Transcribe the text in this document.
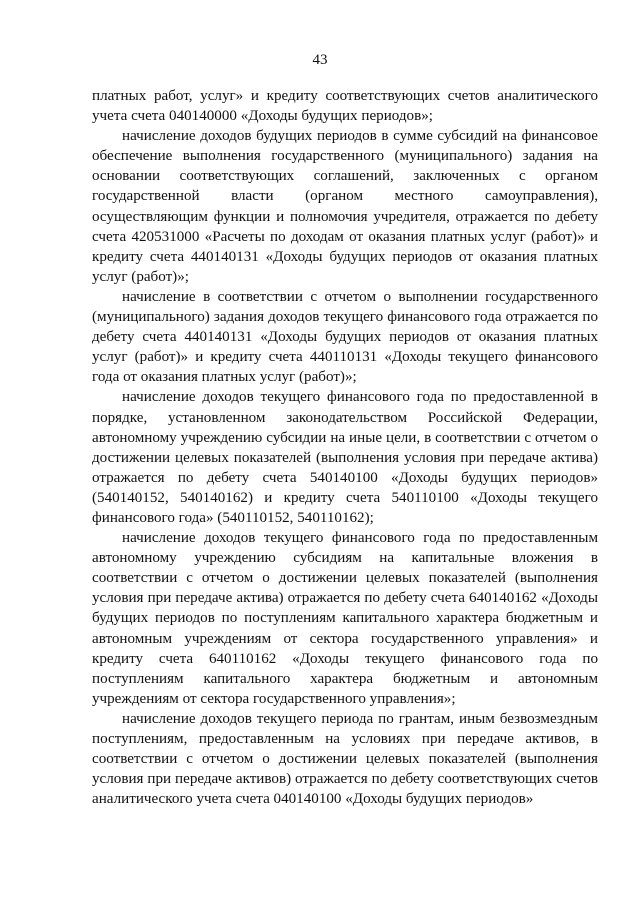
43

платных работ, услуг» и кредиту соответствующих счетов аналитического учета счета 040140000 «Доходы будущих периодов»;

начисление доходов будущих периодов в сумме субсидий на финансовое обеспечение выполнения государственного (муниципального) задания на основании соответствующих соглашений, заключенных с органом государственной власти (органом местного самоуправления), осуществляющим функции и полномочия учредителя, отражается по дебету счета 420531000 «Расчеты по доходам от оказания платных услуг (работ)» и кредиту счета 440140131 «Доходы будущих периодов от оказания платных услуг (работ)»;

начисление в соответствии с отчетом о выполнении государственного (муниципального) задания доходов текущего финансового года отражается по дебету счета 440140131 «Доходы будущих периодов от оказания платных услуг (работ)» и кредиту счета 440110131 «Доходы текущего финансового года от оказания платных услуг (работ)»;

начисление доходов текущего финансового года по предоставленной в порядке, установленном законодательством Российской Федерации, автономному учреждению субсидии на иные цели, в соответствии с отчетом о достижении целевых показателей (выполнения условия при передаче актива) отражается по дебету счета 540140100 «Доходы будущих периодов» (540140152, 540140162) и кредиту счета 540110100 «Доходы текущего финансового года» (540110152, 540110162);

начисление доходов текущего финансового года по предоставленным автономному учреждению субсидиям на капитальные вложения в соответствии с отчетом о достижении целевых показателей (выполнения условия при передаче актива) отражается по дебету счета 640140162 «Доходы будущих периодов по поступлениям капитального характера бюджетным и автономным учреждениям от сектора государственного управления» и кредиту счета 640110162 «Доходы текущего финансового года по поступлениям капитального характера бюджетным и автономным учреждениям от сектора государственного управления»;

начисление доходов текущего периода по грантам, иным безвозмездным поступлениям, предоставленным на условиях при передаче активов, в соответствии с отчетом о достижении целевых показателей (выполнения условия при передаче активов) отражается по дебету соответствующих счетов аналитического учета счета 040140100 «Доходы будущих периодов»
